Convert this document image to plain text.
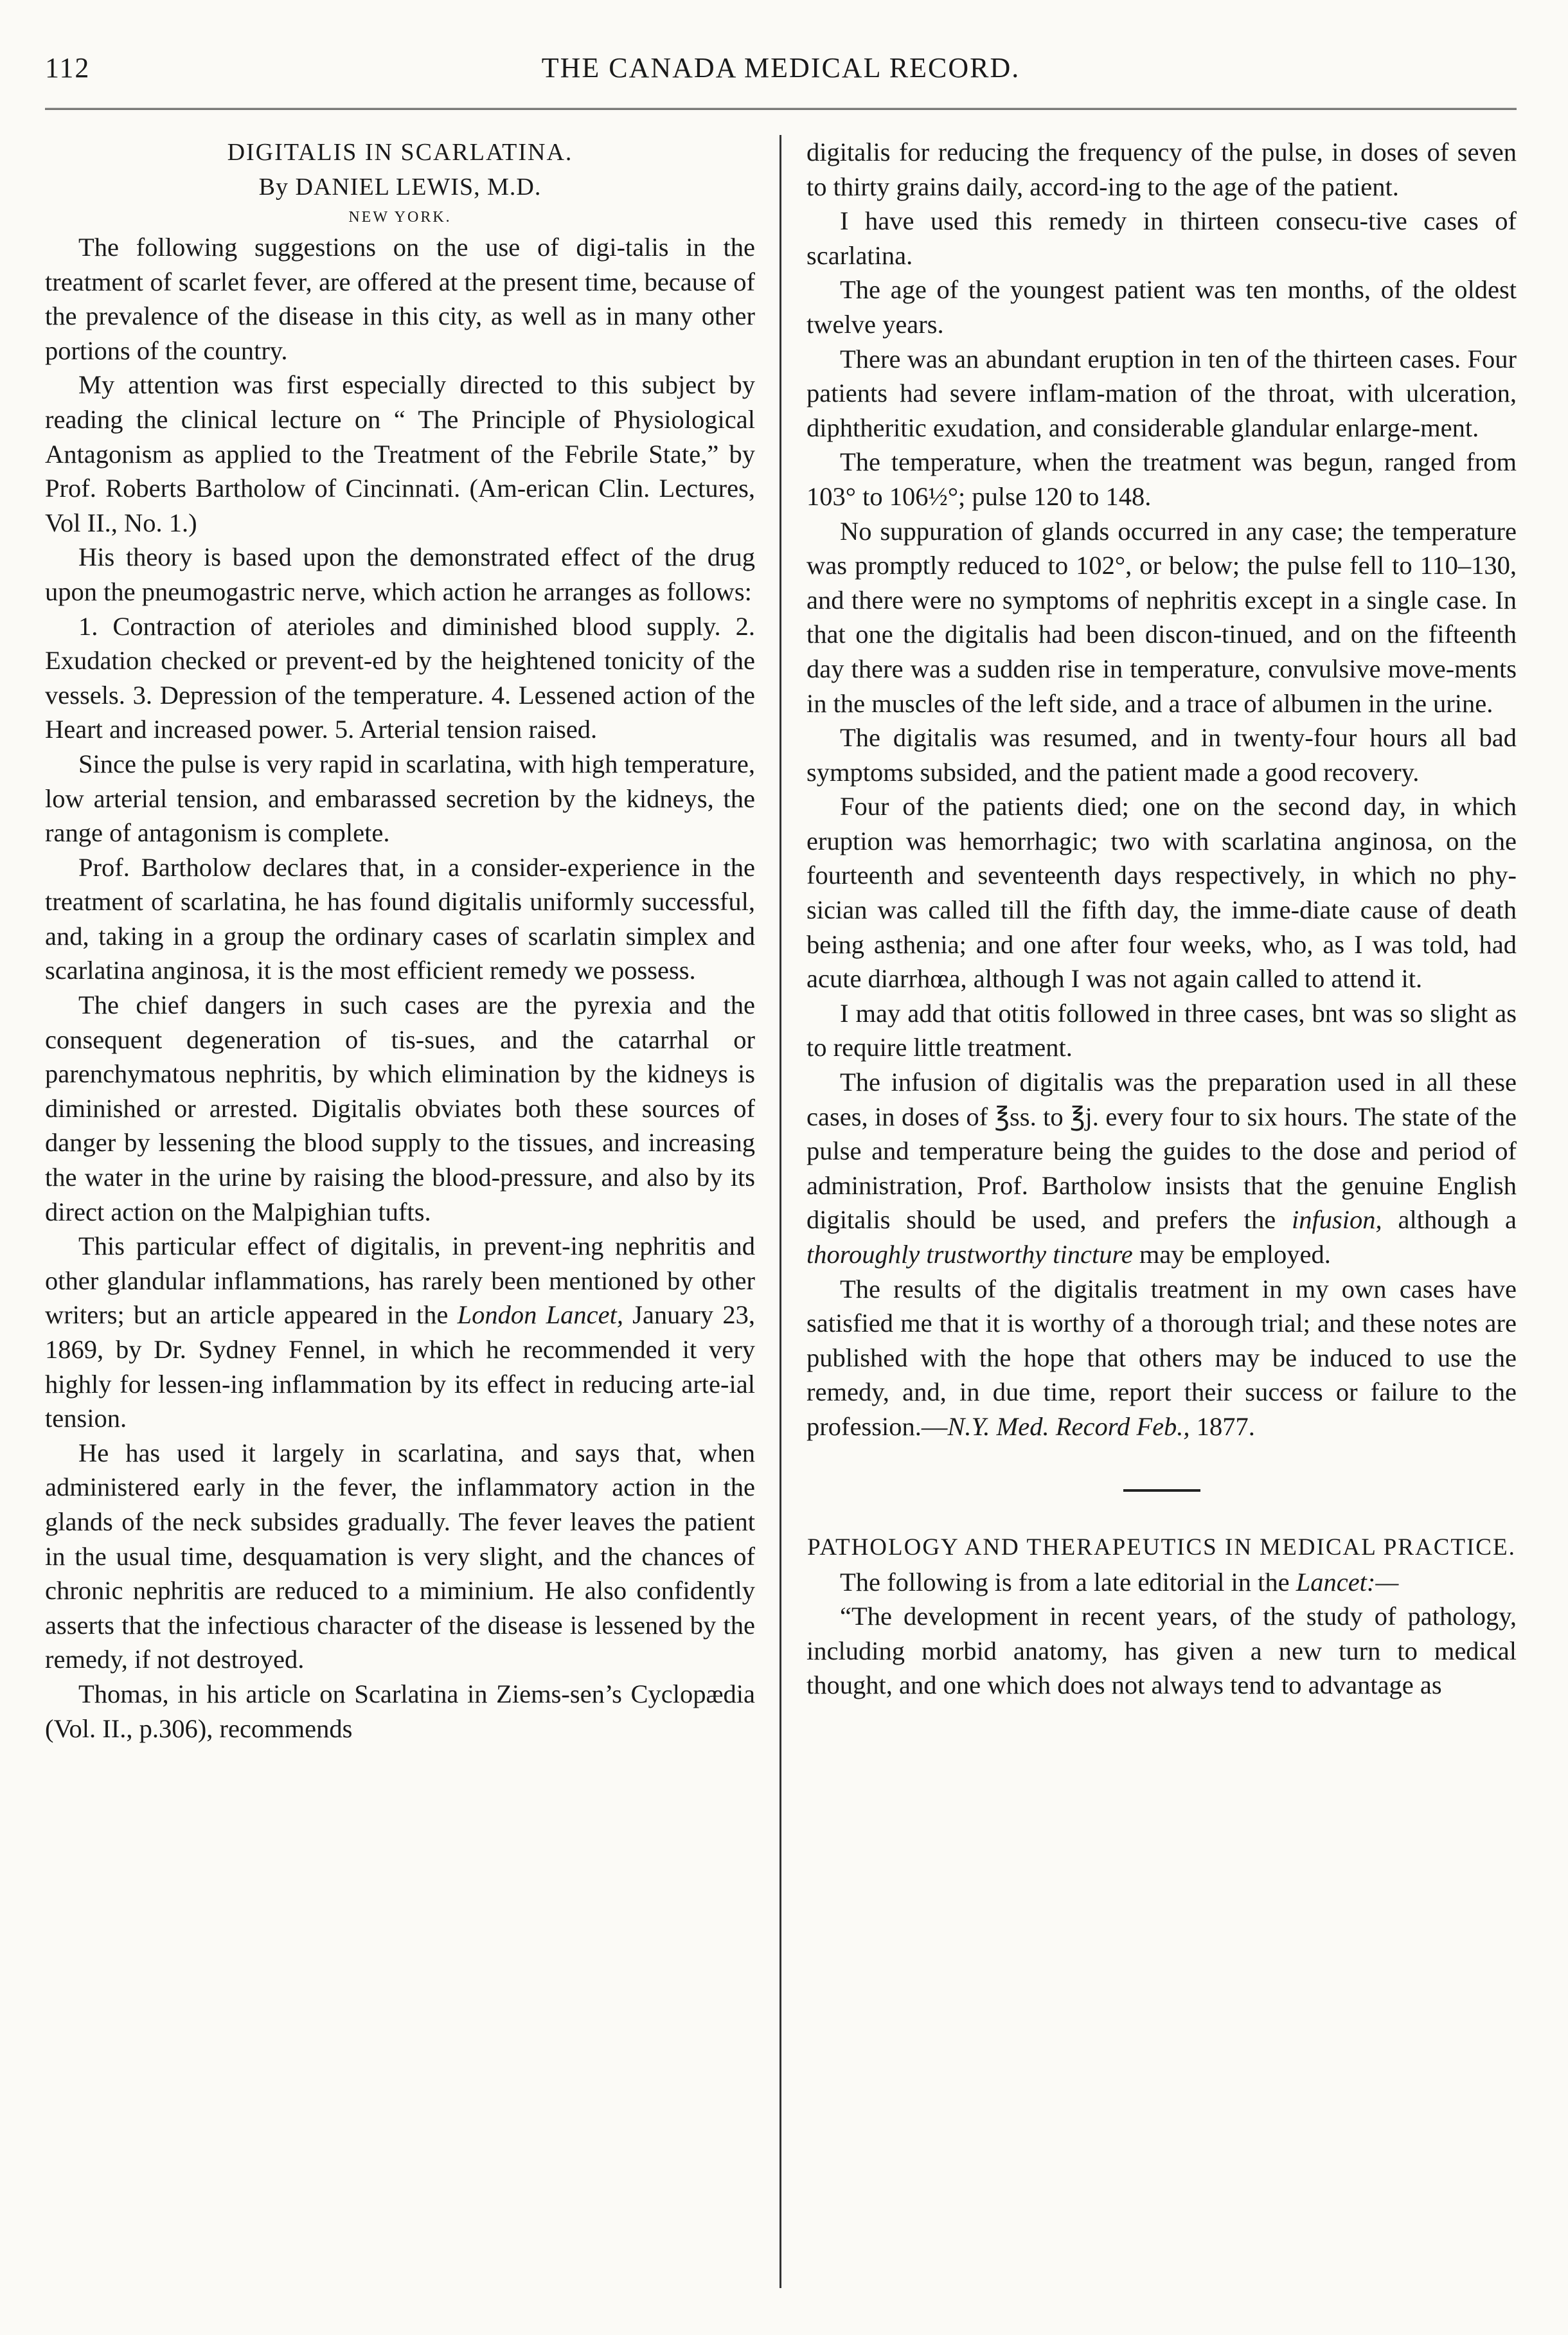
112	THE CANADA MEDICAL RECORD.

DIGITALIS IN SCARLATINA.

By DANIEL LEWIS, M.D.

NEW YORK.

The following suggestions on the use of digi-talis in the treatment of scarlet fever, are offered at the present time, because of the prevalence of the disease in this city, as well as in many other portions of the country.

My attention was first especially directed to this subject by reading the clinical lecture on “ The Principle of Physiological Antagonism as applied to the Treatment of the Febrile State,” by Prof. Roberts Bartholow of Cincinnati. (Am-erican Clin. Lectures, Vol II., No. 1.)

His theory is based upon the demonstrated effect of the drug upon the pneumogastric nerve, which action he arranges as follows:

1. Contraction of aterioles and diminished blood supply. 2. Exudation checked or prevent-ed by the heightened tonicity of the vessels. 3. Depression of the temperature. 4. Lessened action of the Heart and increased power. 5. Arterial tension raised.

Since the pulse is very rapid in scarlatina, with high temperature, low arterial tension, and embarassed secretion by the kidneys, the range of antagonism is complete.

Prof. Bartholow declares that, in a consider-experience in the treatment of scarlatina, he has found digitalis uniformly successful, and, taking in a group the ordinary cases of scarlatin simplex and scarlatina anginosa, it is the most efficient remedy we possess.

The chief dangers in such cases are the pyrexia and the consequent degeneration of tis-sues, and the catarrhal or parenchymatous nephritis, by which elimination by the kidneys is diminished or arrested. Digitalis obviates both these sources of danger by lessening the blood supply to the tissues, and increasing the water in the urine by raising the blood-pressure, and also by its direct action on the Malpighian tufts.

This particular effect of digitalis, in prevent-ing nephritis and other glandular inflammations, has rarely been mentioned by other writers; but an article appeared in the London Lancet, January 23, 1869, by Dr. Sydney Fennel, in which he recommended it very highly for lessen-ing inflammation by its effect in reducing arte-ial tension.

He has used it largely in scarlatina, and says that, when administered early in the fever, the inflammatory action in the glands of the neck subsides gradually. The fever leaves the patient in the usual time, desquamation is very slight, and the chances of chronic nephritis are reduced to a miminium. He also confidently asserts that the infectious character of the disease is lessened by the remedy, if not destroyed.

Thomas, in his article on Scarlatina in Ziems-sen’s Cyclopædia (Vol. II., p.306), recommends

digitalis for reducing the frequency of the pulse, in doses of seven to thirty grains daily, accord-ing to the age of the patient.

I have used this remedy in thirteen consecu-tive cases of scarlatina.

The age of the youngest patient was ten months, of the oldest twelve years.

There was an abundant eruption in ten of the thirteen cases. Four patients had severe inflam-mation of the throat, with ulceration, diphtheritic exudation, and considerable glandular enlarge-ment.

The temperature, when the treatment was begun, ranged from 103° to 106½°; pulse 120 to 148.

No suppuration of glands occurred in any case; the temperature was promptly reduced to 102°, or below; the pulse fell to 110–130, and there were no symptoms of nephritis except in a single case. In that one the digitalis had been discon-tinued, and on the fifteenth day there was a sudden rise in temperature, convulsive move-ments in the muscles of the left side, and a trace of albumen in the urine.

The digitalis was resumed, and in twenty-four hours all bad symptoms subsided, and the patient made a good recovery.

Four of the patients died; one on the second day, in which eruption was hemorrhagic; two with scarlatina anginosa, on the fourteenth and seventeenth days respectively, in which no phy-sician was called till the fifth day, the imme-diate cause of death being asthenia; and one after four weeks, who, as I was told, had acute diarrhœa, although I was not again called to attend it.

I may add that otitis followed in three cases, bnt was so slight as to require little treatment.

The infusion of digitalis was the preparation used in all these cases, in doses of ℥ss. to ℥j. every four to six hours. The state of the pulse and temperature being the guides to the dose and period of administration, Prof. Bartholow insists that the genuine English digitalis should be used, and prefers the infusion, although a thoroughly trustworthy tincture may be employed.

The results of the digitalis treatment in my own cases have satisfied me that it is worthy of a thorough trial; and these notes are published with the hope that others may be induced to use the remedy, and, in due time, report their success or failure to the profession.—N.Y. Med. Record Feb., 1877.

PATHOLOGY AND THERAPEUTICS IN MEDICAL PRACTICE.

The following is from a late editorial in the Lancet:—

“The development in recent years, of the study of pathology, including morbid anatomy, has given a new turn to medical thought, and one which does not always tend to advantage as
